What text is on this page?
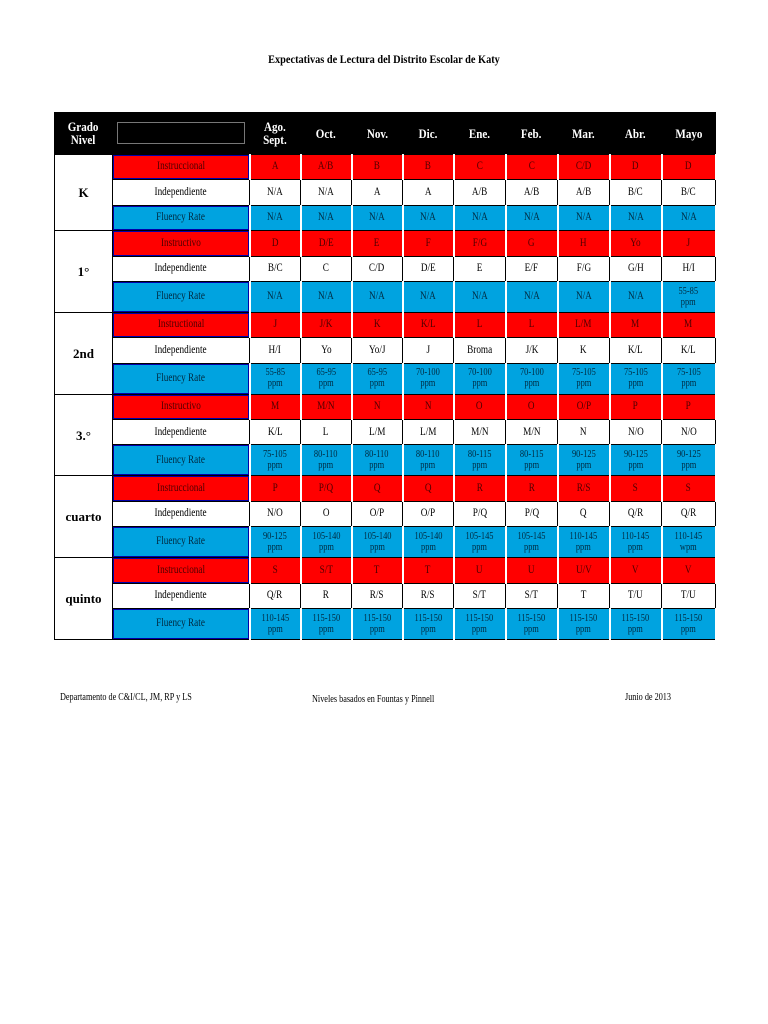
Expectativas de Lectura del Distrito Escolar de Katy
Grado
Nivel		Ago.
Sept.	Oct.	Nov.	Dic.	Ene.	Feb.	Mar.	Abr.	Mayo
K	Instruccional	A	A/B	B	B	C	C	C/D	D	D
	Independiente	N/A	N/A	A	A	A/B	A/B	A/B	B/C	B/C
	Fluency Rate	N/A	N/A	N/A	N/A	N/A	N/A	N/A	N/A	N/A
1°	Instructivo	D	D/E	E	F	F/G	G	H	Yo	J
	Independiente	B/C	C	C/D	D/E	E	E/F	F/G	G/H	H/I
	Fluency Rate	N/A	N/A	N/A	N/A	N/A	N/A	N/A	N/A	55-85
ppm
2nd	Instructional	J	J/K	K	K/L	L	L	L/M	M	M
	Independiente	H/I	Yo	Yo/J	J	Broma	J/K	K	K/L	K/L
	Fluency Rate	55-85
ppm	65-95
ppm	65-95
ppm	70-100
ppm	70-100
ppm	70-100
ppm	75-105
ppm	75-105
ppm	75-105
ppm
3.°	Instructivo	M	M/N	N	N	O	O	O/P	P	P
	Independiente	K/L	L	L/M	L/M	M/N	M/N	N	N/O	N/O
	Fluency Rate	75-105
ppm	80-110
ppm	80-110
ppm	80-110
ppm	80-115
ppm	80-115
ppm	90-125
ppm	90-125
ppm	90-125
ppm
cuarto	Instruccional	P	P/Q	Q	Q	R	R	R/S	S	S
	Independiente	N/O	O	O/P	O/P	P/Q	P/Q	Q	Q/R	Q/R
	Fluency Rate	90-125
ppm	105-140
ppm	105-140
ppm	105-140
ppm	105-145
ppm	105-145
ppm	110-145
ppm	110-145
ppm	110-145
wpm
quinto	Instruccional	S	S/T	T	T	U	U	U/V	V	V
	Independiente	Q/R	R	R/S	R/S	S/T	S/T	T	T/U	T/U
	Fluency Rate	110-145
ppm	115-150
ppm	115-150
ppm	115-150
ppm	115-150
ppm	115-150
ppm	115-150
ppm	115-150
ppm	115-150
ppm
Departamento de C&I/CL, JM, RP y LS	Niveles basados en Fountas y Pinnell	Junio de 2013
